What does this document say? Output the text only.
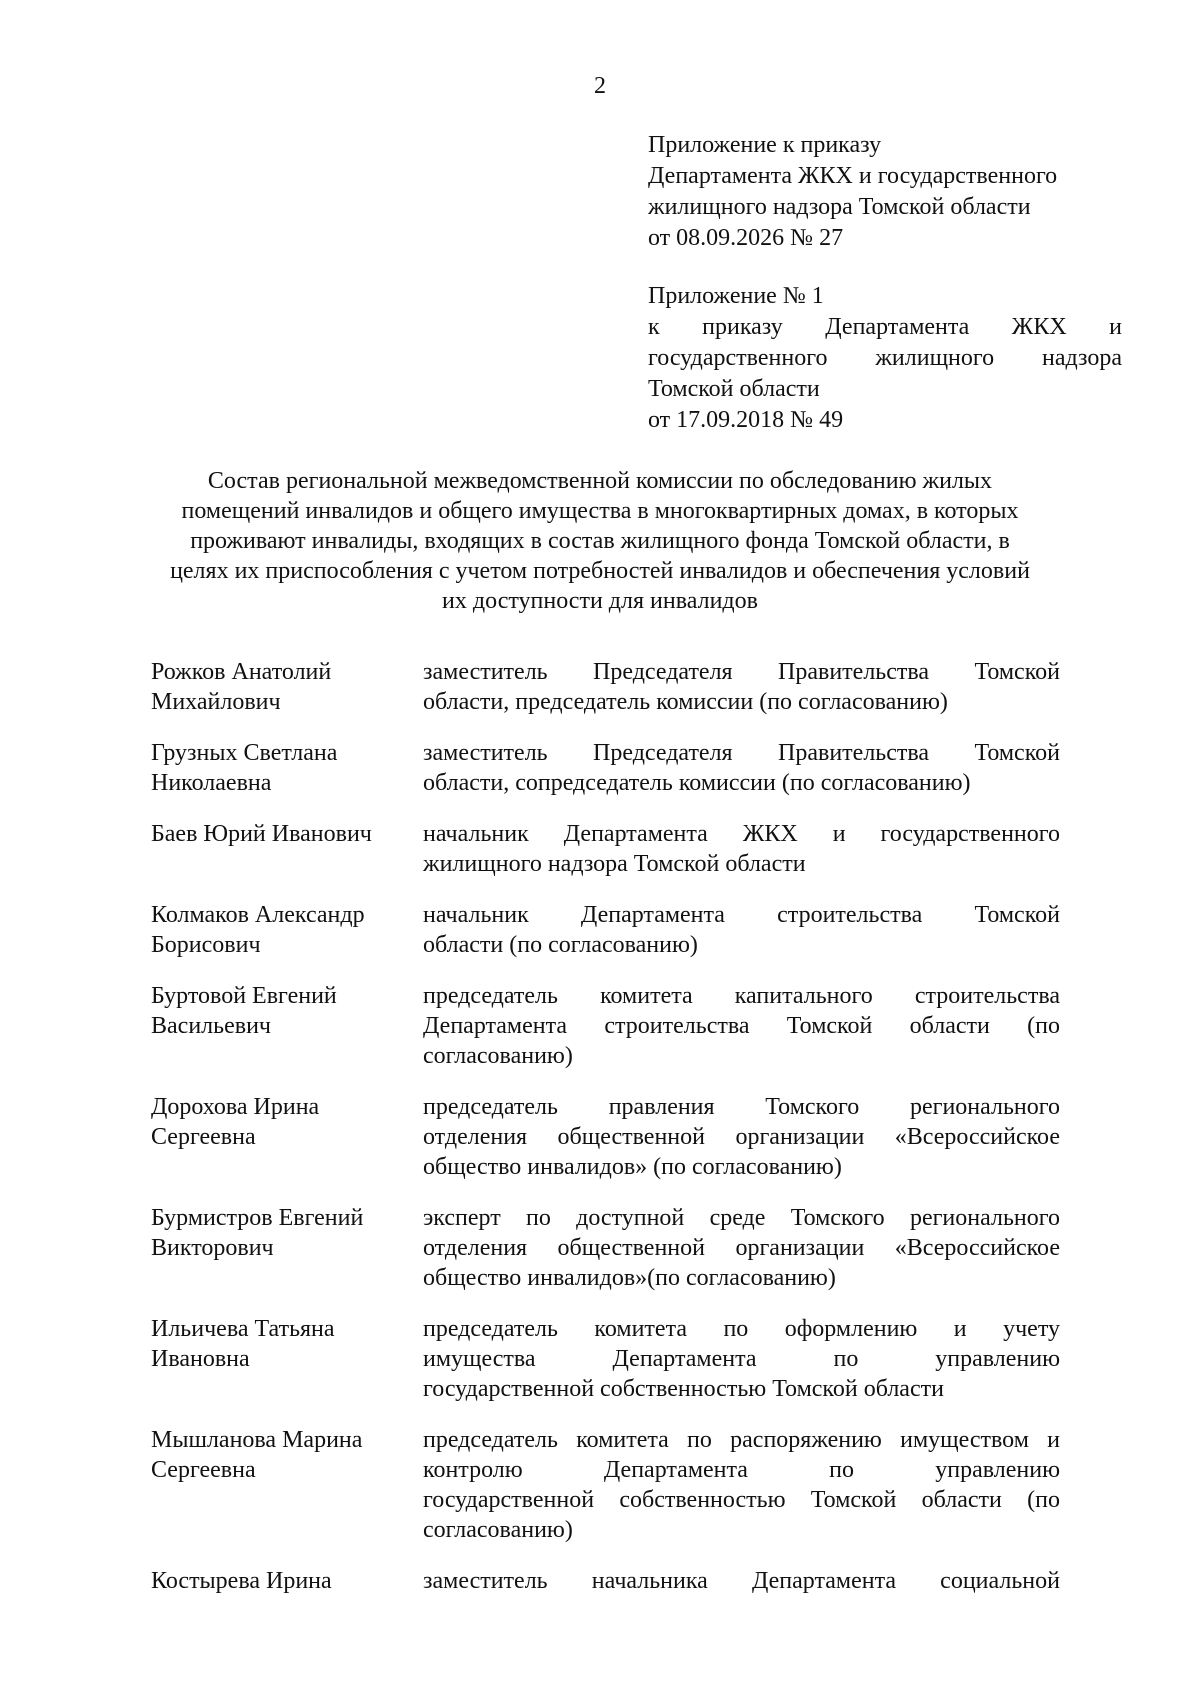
2
Приложение к приказу
Департамента ЖКХ и государственного
жилищного надзора Томской области
от 08.09.2026 № 27
Приложение № 1
к приказу Департамента ЖКХ и
государственного жилищного надзора
Томской области
от 17.09.2018 № 49
Состав региональной межведомственной комиссии по обследованию жилых
помещений инвалидов и общего имущества в многоквартирных домах, в которых
проживают инвалиды, входящих в состав жилищного фонда Томской области, в
целях их приспособления с учетом потребностей инвалидов и обеспечения условий
их доступности для инвалидов
Рожков Анатолий
Михайлович
заместитель Председателя Правительства Томской
области, председатель комиссии (по согласованию)
Грузных Светлана
Николаевна
заместитель Председателя Правительства Томской
области, сопредседатель комиссии (по согласованию)
Баев Юрий Иванович	начальник Департамента ЖКХ и государственного
жилищного надзора Томской области
Колмаков Александр
Борисович
начальник Департамента строительства Томской
области (по согласованию)
Буртовой Евгений
Васильевич
председатель комитета капитального строительства
Департамента строительства Томской области (по
согласованию)
Дорохова Ирина
Сергеевна
председатель правления Томского регионального
отделения общественной организации «Всероссийское
общество инвалидов» (по согласованию)
Бурмистров Евгений
Викторович
эксперт по доступной среде Томского регионального
отделения общественной организации «Всероссийское
общество инвалидов»(по согласованию)
Ильичева Татьяна
Ивановна
председатель комитета по оформлению и учету
имущества Департамента по управлению
государственной собственностью Томской области
Мышланова Марина
Сергеевна
председатель комитета по распоряжению имуществом и
контролю Департамента по управлению
государственной собственностью Томской области (по
согласованию)
Костырева Ирина	заместитель начальника Департамента социальной
